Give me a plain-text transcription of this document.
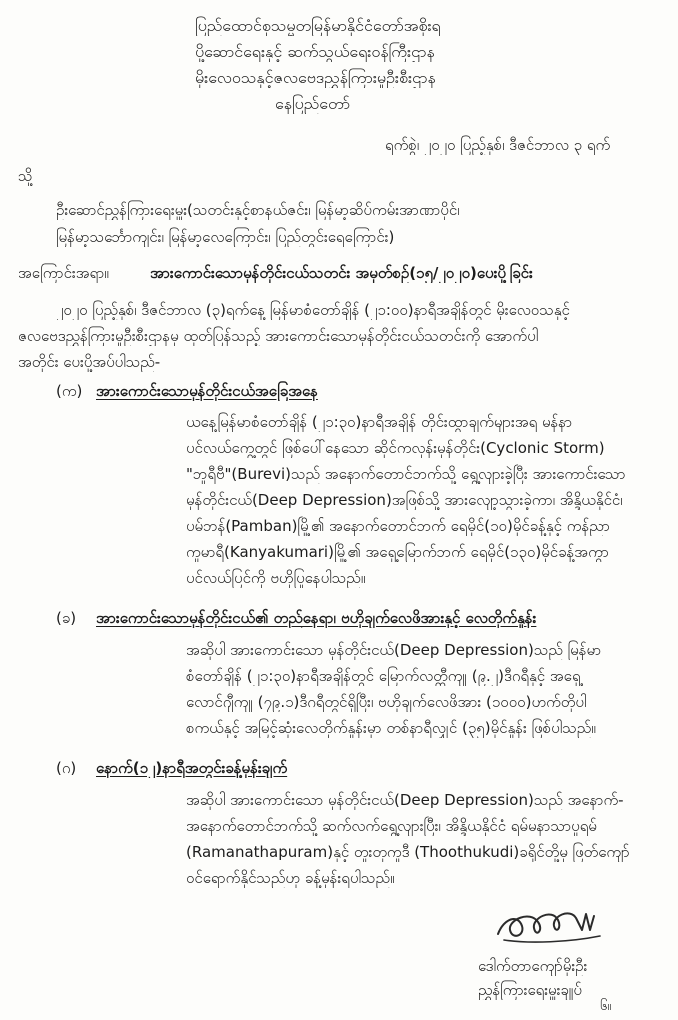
ပြည်ထောင်စုသမ္မတမြန်မာနိုင်ငံတော်အစိုးရ
ပို့ဆောင်ရေးနှင့် ဆက်သွယ်ရေးဝန်ကြီးဌာန
မိုးလေဝသနှင့်ဇလဗေဒညွှန်ကြားမှုဦးစီးဌာန
နေပြည်တော်
ရက်စွဲ၊ ၂၀၂၀ ပြည့်နှစ်၊ ဒီဇင်ဘာလ ၃ ရက်
သို့
ဦးဆောင်ညွှန်ကြားရေးမှူး(သတင်းနှင့်စာနယ်ဇင်း၊ မြန်မာ့ဆိပ်ကမ်းအာဏာပိုင်၊
မြန်မာ့သင်္ဘောကျင်း၊ မြန်မာ့လေကြောင်း၊ ပြည်တွင်းရေကြောင်း)
အကြောင်းအရာ။	အားကောင်းသောမုန်တိုင်းငယ်သတင်း အမှတ်စဉ်(၁၅/၂၀၂၀)ပေးပို့ခြင်း
၂၀၂၀ ပြည့်နှစ်၊ ဒီဇင်ဘာလ (၃)ရက်နေ့ မြန်မာစံတော်ချိန် (၂၁:၀၀)နာရီအချိန်တွင် မိုးလေဝသနှင့်
ဇလဗေဒညွှန်ကြားမှုဦးစီးဌာနမှ ထုတ်ပြန်သည့် အားကောင်းသောမုန်တိုင်းငယ်သတင်းကို အောက်ပါ
အတိုင်း ပေးပို့အပ်ပါသည်-
(က) အားကောင်းသောမုန်တိုင်းငယ်အခြေအနေ
ယနေ့မြန်မာစံတော်ချိန် (၂၁:၃၀)နာရီအချိန် တိုင်းထွာချက်များအရ မန်နာ
ပင်လယ်ကွေ့တွင် ဖြစ်ပေါ်နေသော ဆိုင်ကလုန်းမုန်တိုင်း(Cyclonic Storm)
"ဘူရီဗီ"(Burevi)သည် အနောက်တောင်ဘက်သို့ ရွေ့လျားခဲ့ပြီး အားကောင်းသော
မုန်တိုင်းငယ်(Deep Depression)အဖြစ်သို့ အားလျော့သွားခဲ့ကာ၊ အိန္ဒိယနိုင်ငံ၊
ပမ်ဘန်(Pamban)မြို့၏ အနောက်တောင်ဘက် ရေမိုင်(၁၀)မိုင်ခန့်နှင့် ကန်ညာ
ကူမာရီ(Kanyakumari)မြို့၏ အရှေ့မြောက်ဘက် ရေမိုင်(၁၃၀)မိုင်ခန့်အကွာ
ပင်လယ်ပြင်ကို ဗဟိုပြုနေပါသည်။
(ခ)	အားကောင်းသောမုန်တိုင်းငယ်၏ တည်နေရာ၊ ဗဟိုချက်လေဖိအားနှင့် လေတိုက်နှုန်း
အဆိုပါ အားကောင်းသော မုန်တိုင်းငယ်(Deep Depression)သည် မြန်မာ
စံတော်ချိန် (၂၁:၃၀)နာရီအချိန်တွင် မြောက်လတ္တီကျု (၉.၂)ဒီဂရီနှင့် အရှေ့
လောင်ဂျီကျု (၇၉.၁)ဒီဂရီတွင်ရှိပြီး၊ ဗဟိုချက်လေဖိအား (၁၀၀၀)ဟက်တိုပါ
စကယ်နှင့် အမြင့်ဆုံးလေတိုက်နှုန်းမှာ တစ်နာရီလျှင် (၃၅)မိုင်နှုန်း ဖြစ်ပါသည်။
(ဂ)	နောက်(၁၂)နာရီအတွင်းခန့်မှန်းချက်
အဆိုပါ အားကောင်းသော မုန်တိုင်းငယ်(Deep Depression)သည် အနောက်-
အနောက်တောင်ဘက်သို့ ဆက်လက်ရွေ့လျားပြီး၊ အိန္ဒိယနိုင်ငံ ရမ်မနာသာပူရမ်
(Ramanathapuram)နှင့် တူးတုကူဒီ (Thoothukudi)ခရိုင်တို့မှ ဖြတ်ကျော်
ဝင်ရောက်နိုင်သည်ဟု ခန့်မှန်းရပါသည်။
ဒေါက်တာကျော်မိုးဦး
ညွှန်ကြားရေးမှူးချုပ်
၆။
